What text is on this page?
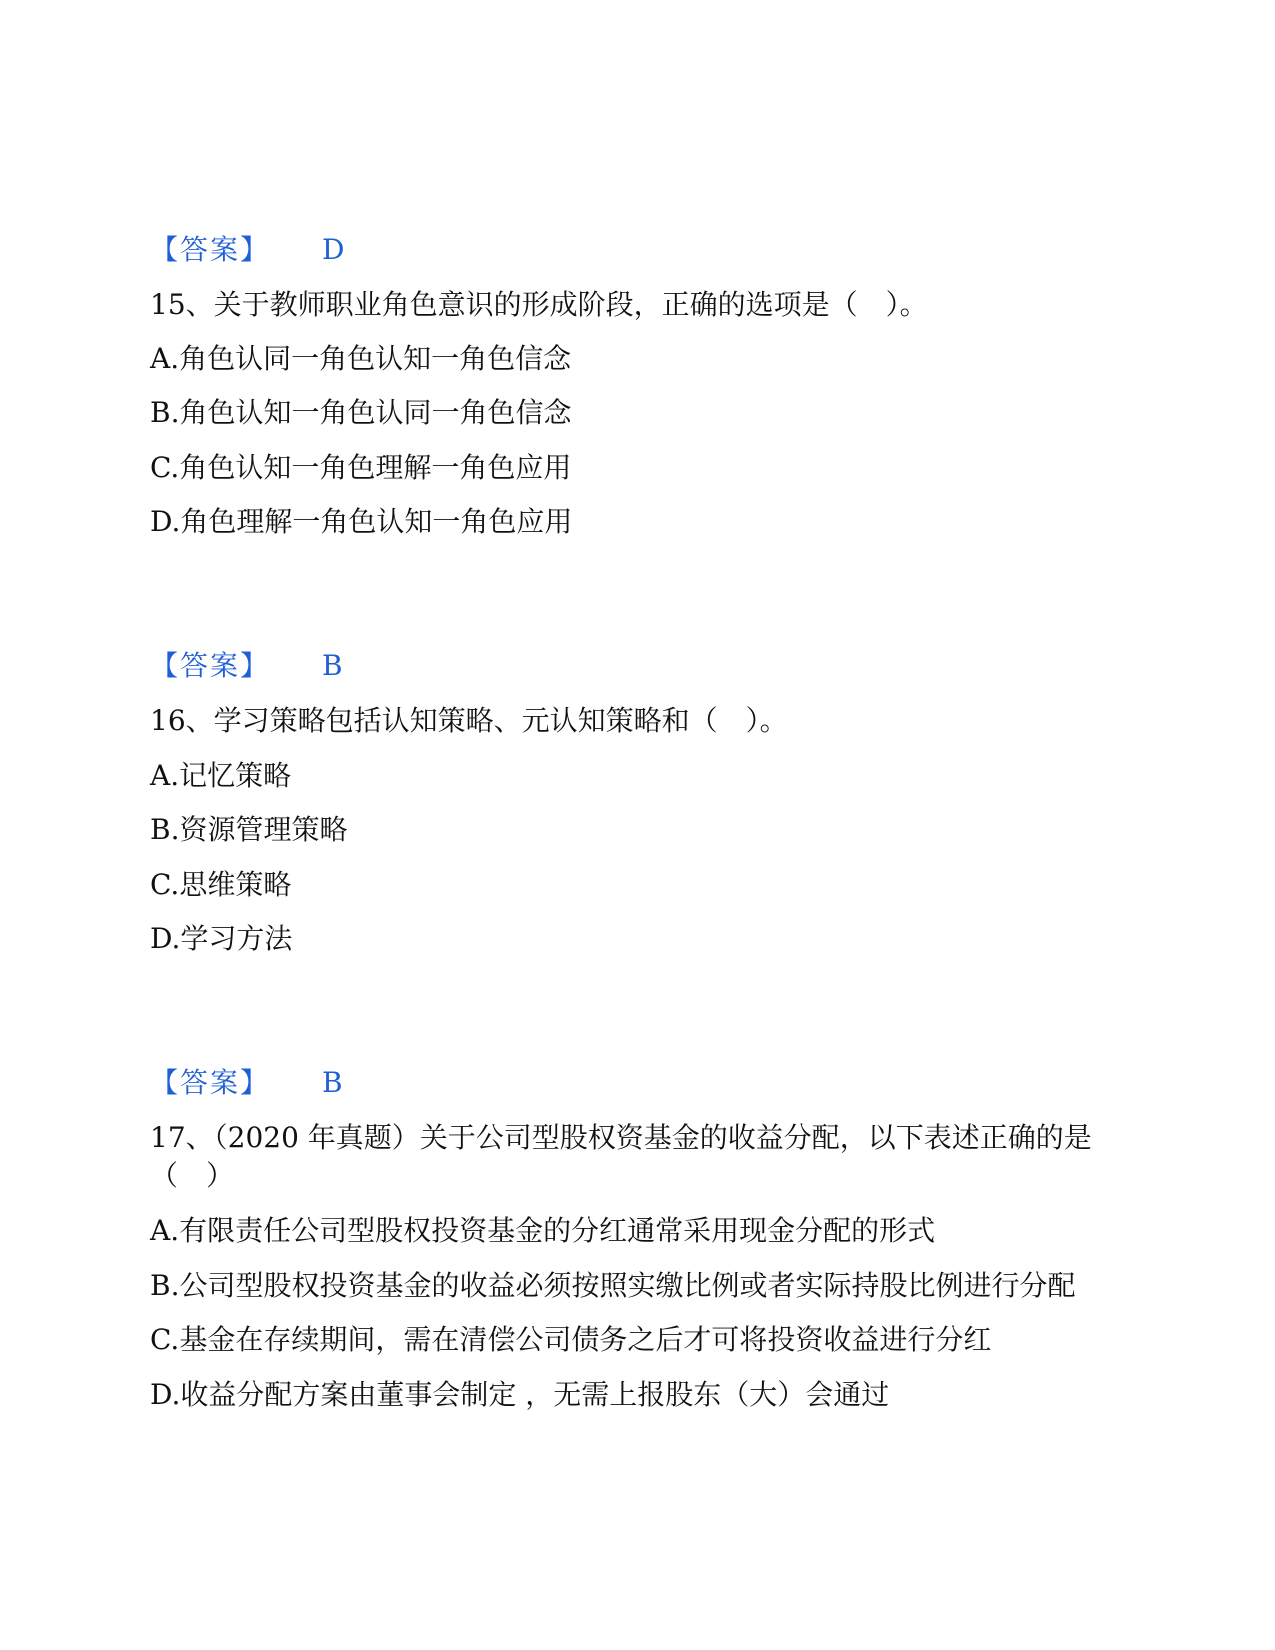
【答案】 D
15、关于教师职业角色意识的形成阶段，正确的选项是（　）。
A.角色认同一角色认知一角色信念
B.角色认知一角色认同一角色信念
C.角色认知一角色理解一角色应用
D.角色理解一角色认知一角色应用
【答案】 B
16、学习策略包括认知策略、元认知策略和（　）。
A.记忆策略
B.资源管理策略
C.思维策略
D.学习方法
【答案】 B
17、（2020 年真题）关于公司型股权资基金的收益分配，以下表述正确的是
（　）
A.有限责任公司型股权投资基金的分红通常采用现金分配的形式
B.公司型股权投资基金的收益必须按照实缴比例或者实际持股比例进行分配
C.基金在存续期间，需在清偿公司债务之后才可将投资收益进行分红
D.收益分配方案由董事会制定 ，无需上报股东（大）会通过
